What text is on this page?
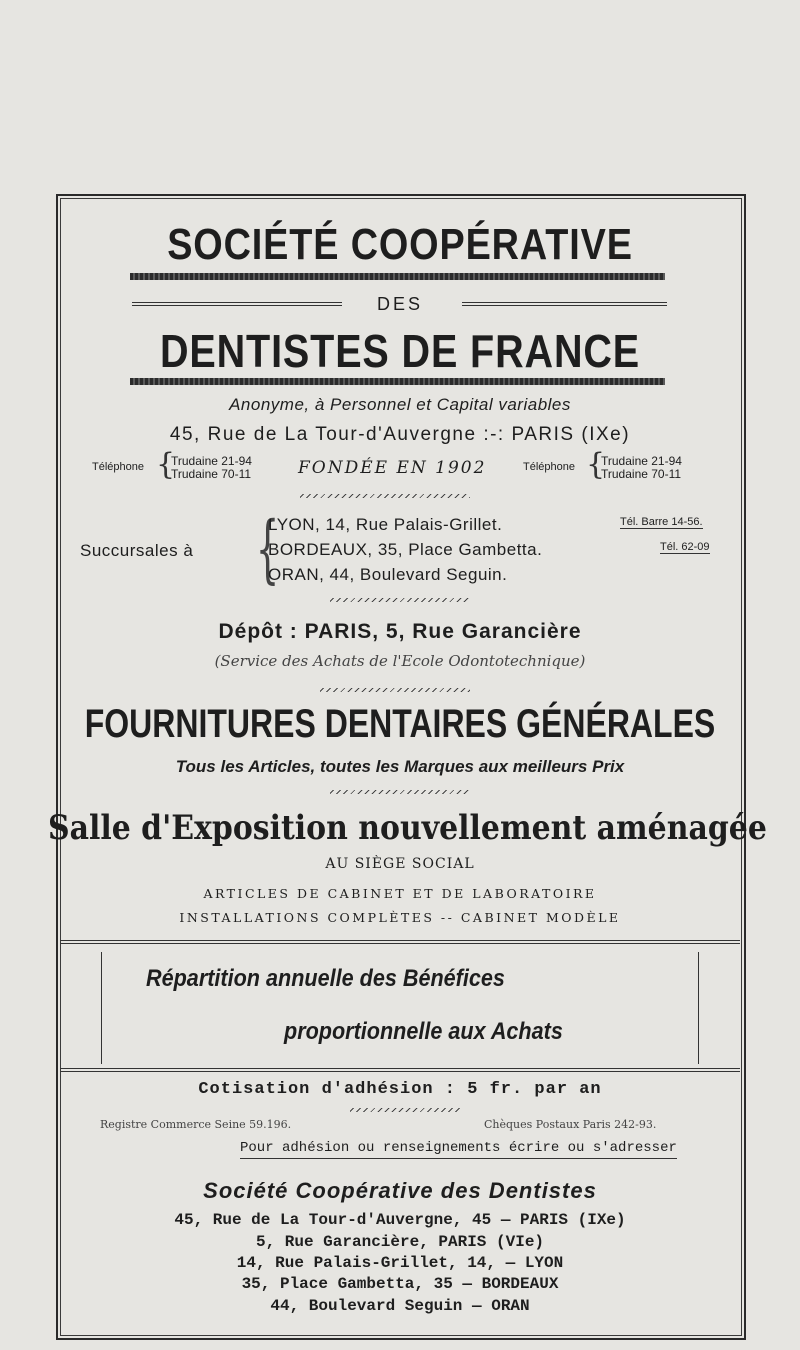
SOCIÉTÉ COOPÉRATIVE
DES
DENTISTES DE FRANCE
Anonyme, à Personnel et Capital variables
45, Rue de La Tour-d'Auvergne :-: PARIS (IXe)
Téléphone {
Trudaine 21-94
Trudaine 70-11	FONDÉE EN 1902	Téléphone {
Trudaine 21-94
Trudaine 70-11
Succursales à {
LYON, 14, Rue Palais-Grillet.	Tél. Barre 14-56.
BORDEAUX, 35, Place Gambetta.	Tél. 62-09
ORAN, 44, Boulevard Seguin.
Dépôt : PARIS, 5, Rue Garancière
(Service des Achats de l'Ecole Odontotechnique)
FOURNITURES DENTAIRES GÉNÉRALES
Tous les Articles, toutes les Marques aux meilleurs Prix
Salle d'Exposition nouvellement aménagée
AU SIÈGE SOCIAL
ARTICLES DE CABINET ET DE LABORATOIRE
INSTALLATIONS COMPLÈTES -- CABINET MODÈLE
Répartition annuelle des Bénéfices
proportionnelle aux Achats
Cotisation d'adhésion : 5 fr. par an
Registre Commerce Seine 59.196.	Chèques Postaux Paris 242-93.
Pour adhésion ou renseignements écrire ou s'adresser
Société Coopérative des Dentistes
45, Rue de La Tour-d'Auvergne, 45 — PARIS (IXe)
5, Rue Garancière, PARIS (VIe)
14, Rue Palais-Grillet, 14, — LYON
35, Place Gambetta, 35 — BORDEAUX
44, Boulevard Seguin — ORAN
